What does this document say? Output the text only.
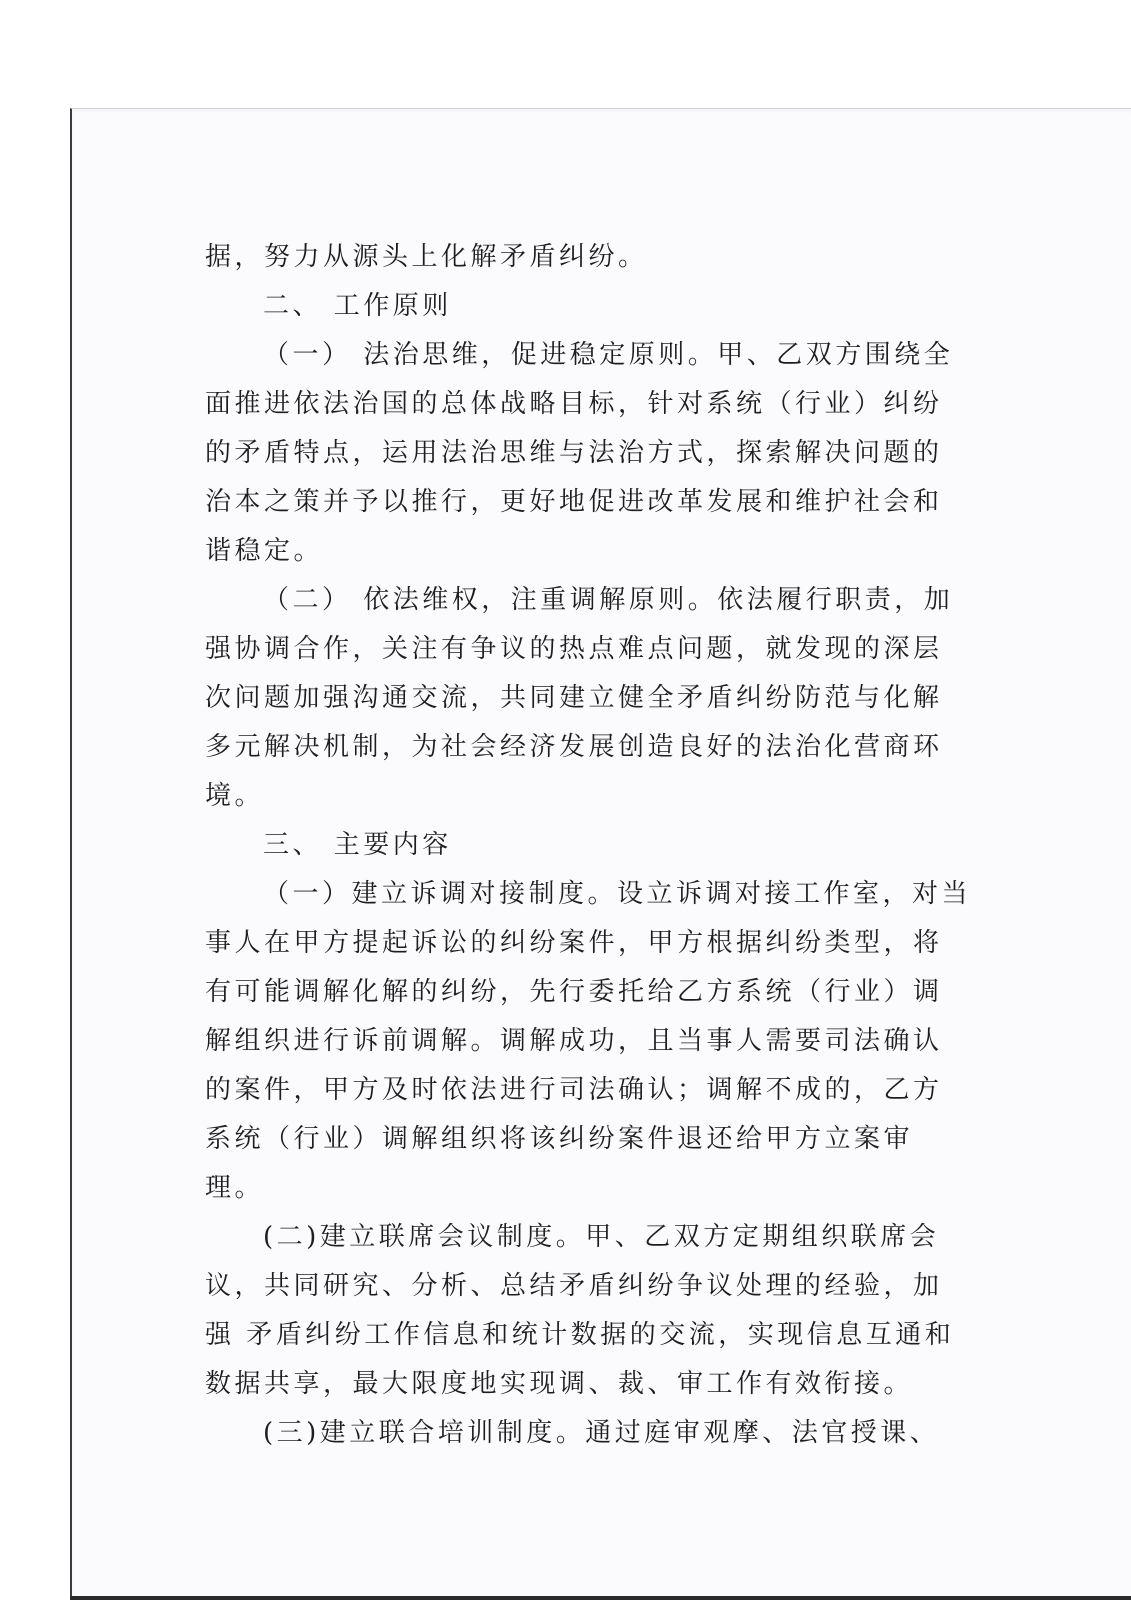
据，努力从源头上化解矛盾纠纷。
二、 工作原则
（一） 法治思维，促进稳定原则。甲、乙双方围绕全
面推进依法治国的总体战略目标，针对系统（行业）纠纷
的矛盾特点，运用法治思维与法治方式，探索解决问题的
治本之策并予以推行，更好地促进改革发展和维护社会和
谐稳定。
（二） 依法维权，注重调解原则。依法履行职责，加
强协调合作，关注有争议的热点难点问题，就发现的深层
次问题加强沟通交流，共同建立健全矛盾纠纷防范与化解
多元解决机制，为社会经济发展创造良好的法治化营商环
境。
三、 主要内容
（一）建立诉调对接制度。设立诉调对接工作室，对当
事人在甲方提起诉讼的纠纷案件，甲方根据纠纷类型，将
有可能调解化解的纠纷，先行委托给乙方系统（行业）调
解组织进行诉前调解。调解成功，且当事人需要司法确认
的案件，甲方及时依法进行司法确认；调解不成的，乙方
系统（行业）调解组织将该纠纷案件退还给甲方立案审
理。
(二)建立联席会议制度。甲、乙双方定期组织联席会
议，共同研究、分析、总结矛盾纠纷争议处理的经验，加
强 矛盾纠纷工作信息和统计数据的交流，实现信息互通和
数据共享，最大限度地实现调、裁、审工作有效衔接。
(三)建立联合培训制度。通过庭审观摩、法官授课、
